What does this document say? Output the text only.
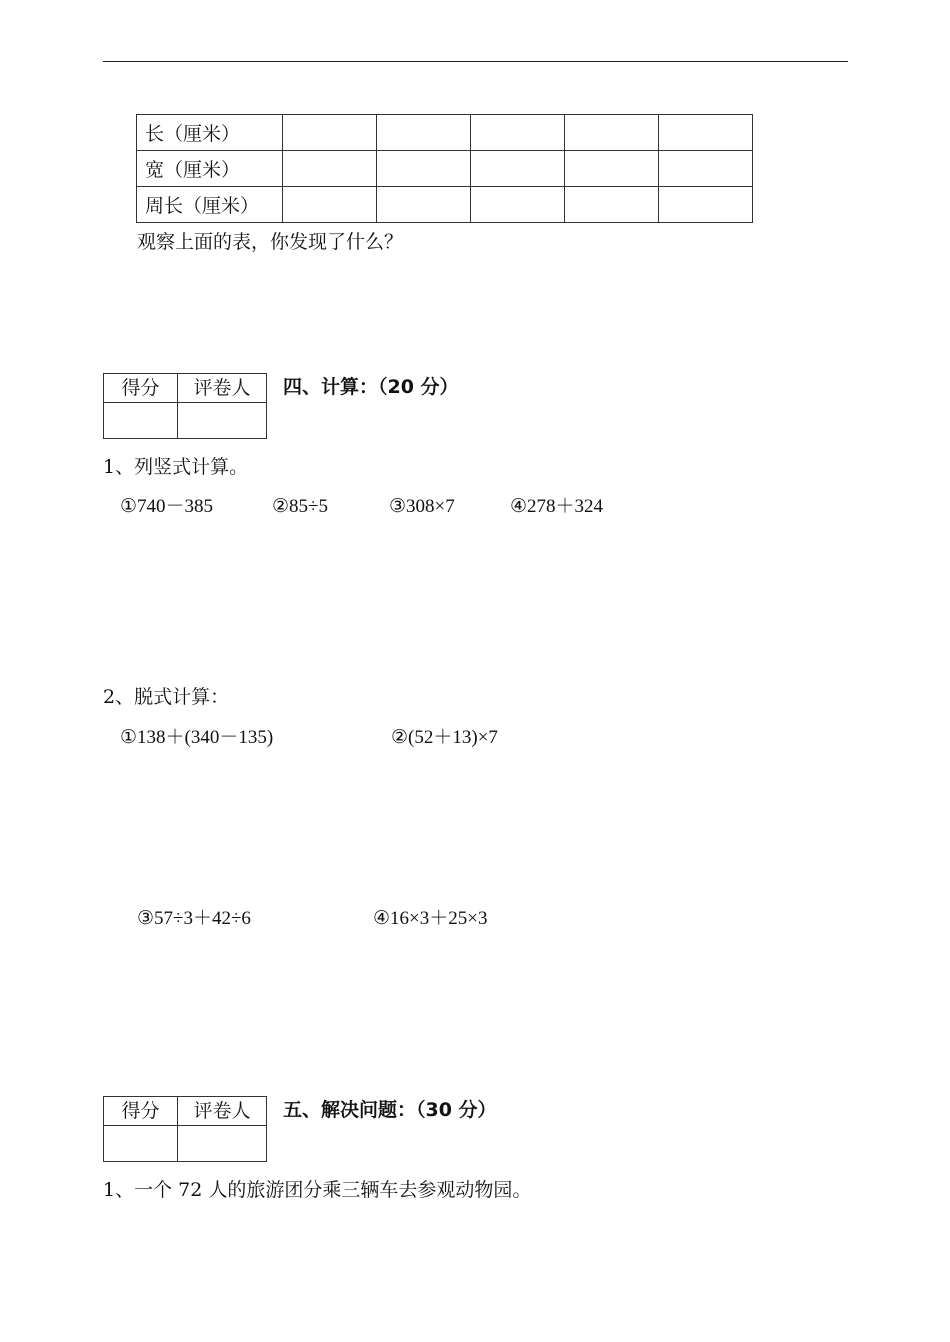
长（厘米）					
宽（厘米）					
周长（厘米）					
观察上面的表，你发现了什么？
得分	评卷人
	四、计算：（20 分）
1、列竖式计算。
①740－385	②85÷5	③308×7	④278＋324
2、脱式计算：
①138＋(340－135)	②(52＋13)×7
③57÷3＋42÷6	④16×3＋25×3
得分	评卷人
	五、解决问题：（30 分）
1、一个 72 人的旅游团分乘三辆车去参观动物园。
